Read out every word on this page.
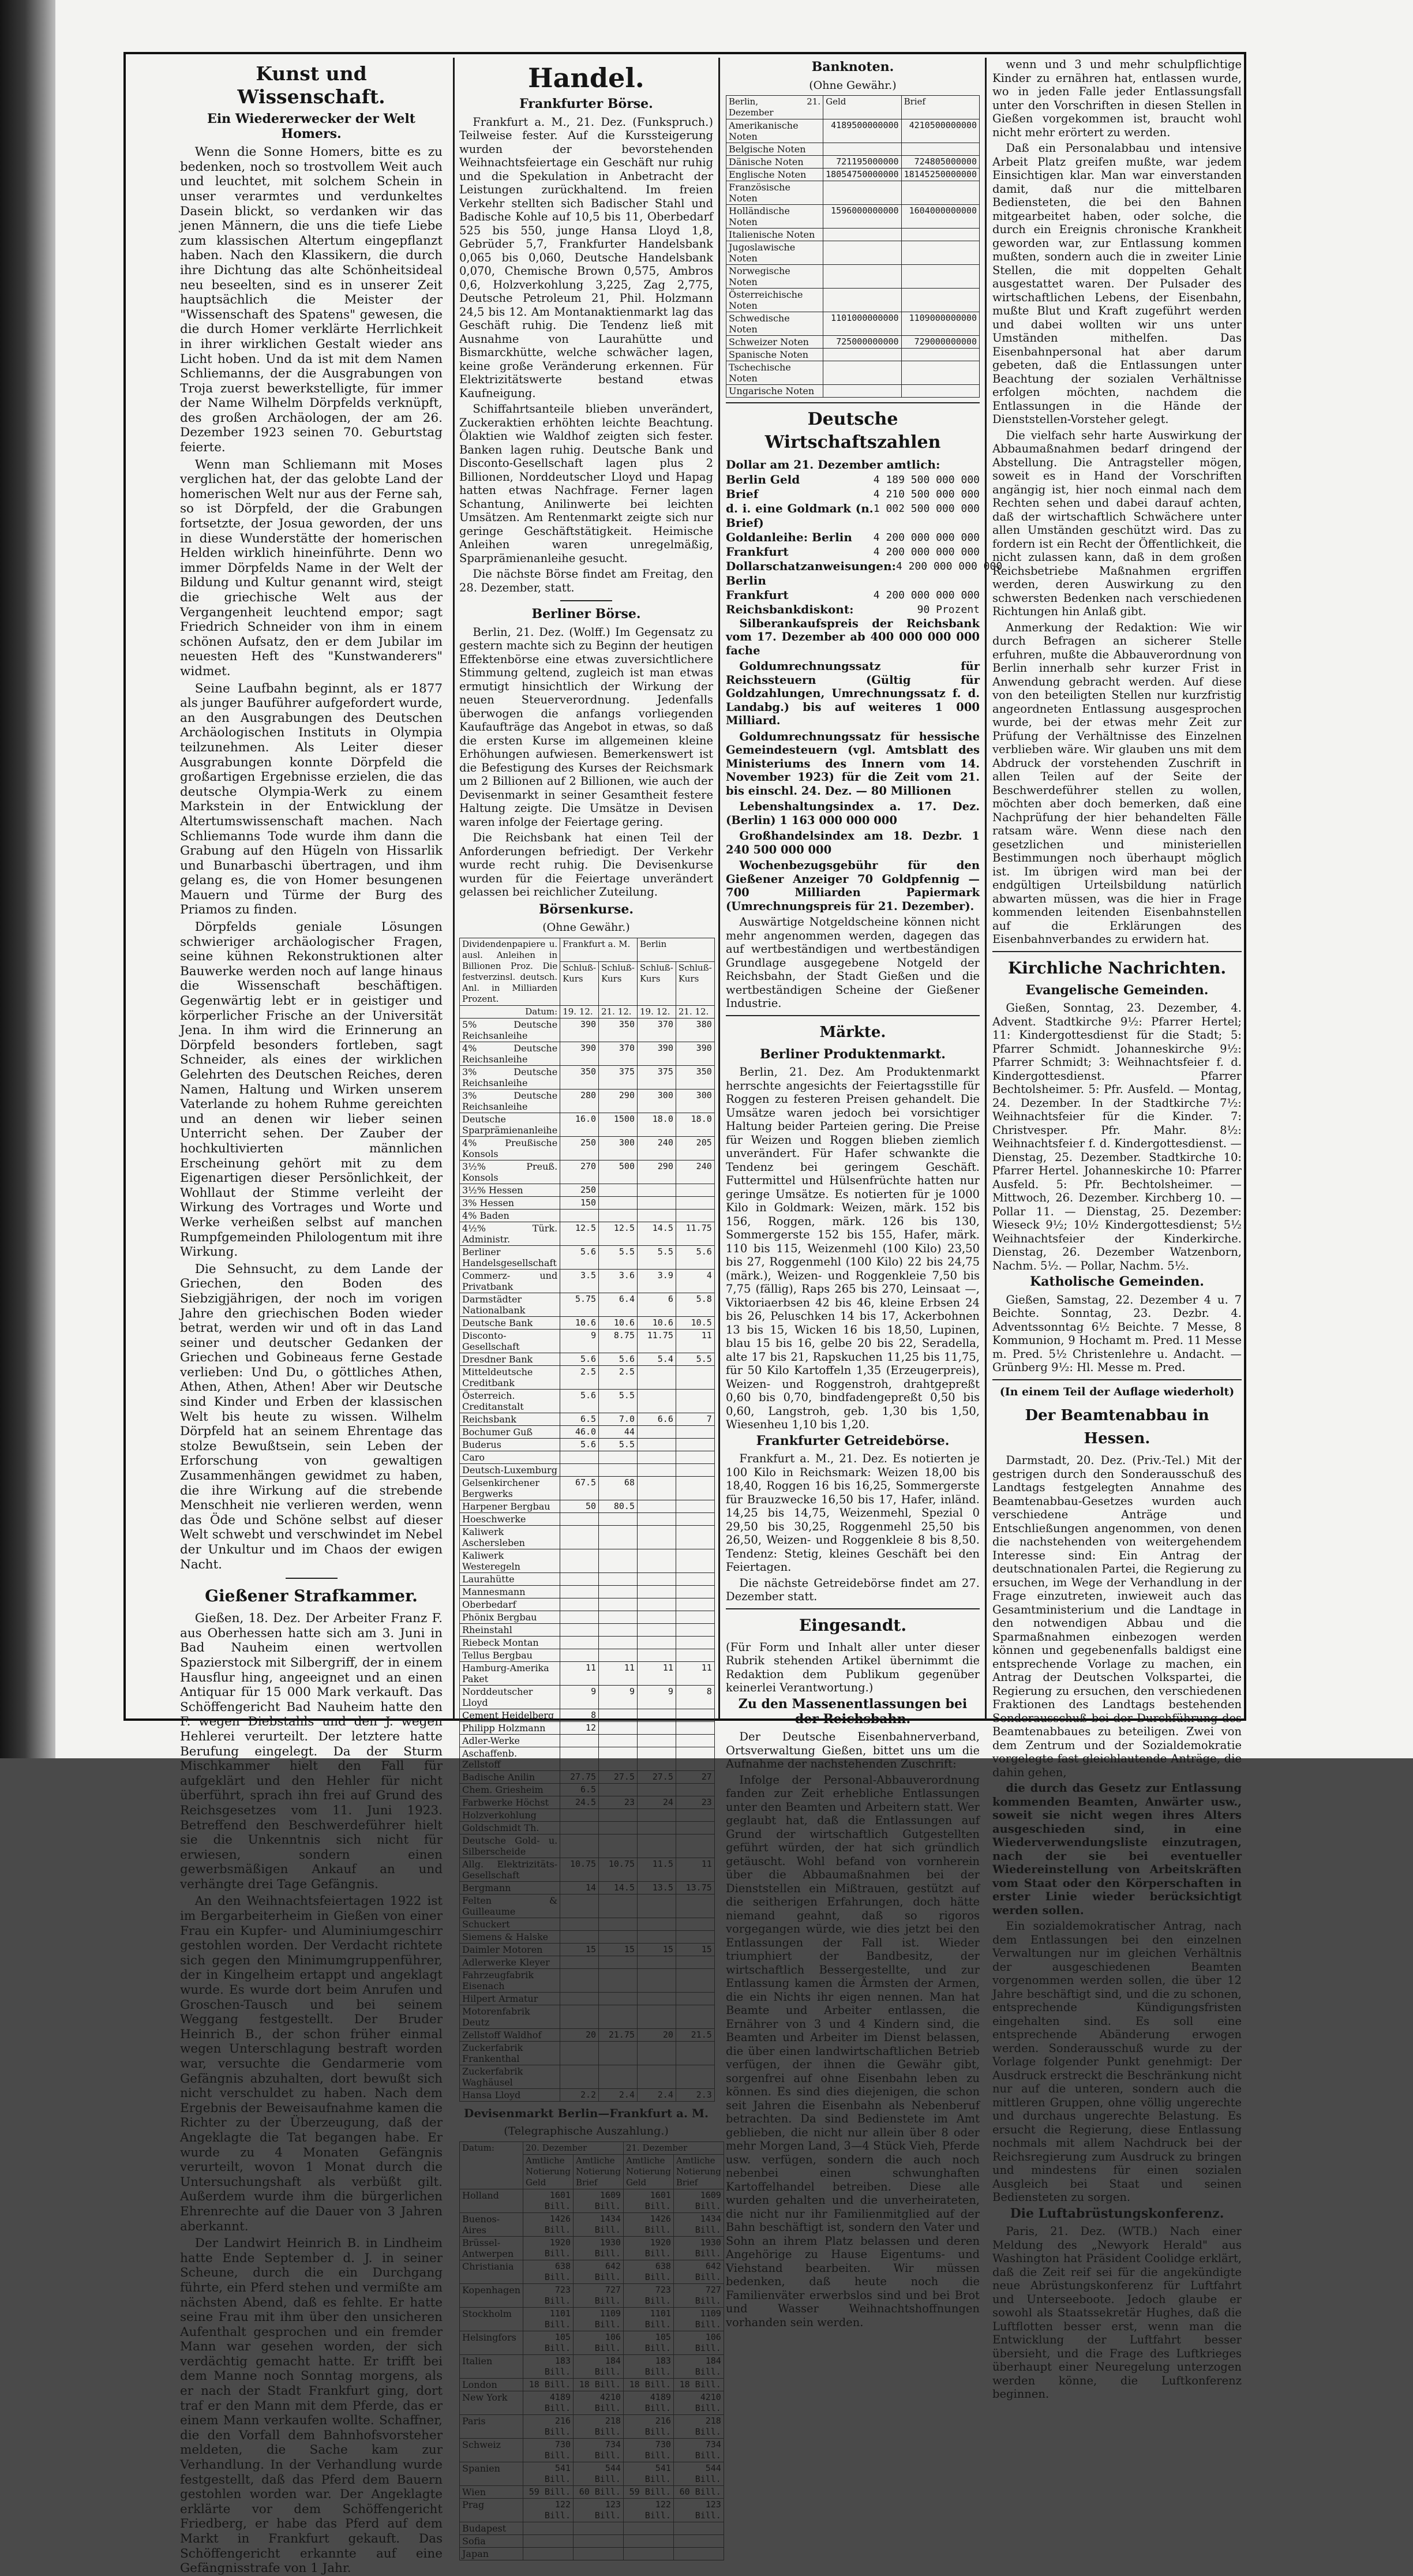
Kunst und Wissenschaft.
Ein Wiedererwecker der Welt Homers.

Wenn die Sonne Homers, bitte es zu bedenken, noch so trostvollem Weit auch und leuchtet, mit solchem Schein in unser verarmtes und verdunkeltes Dasein blickt, so verdanken wir das jenen Männern, die uns die tiefe Liebe zum klassischen Altertum eingepflanzt haben. Nach den Klassikern, die durch ihre Dichtung das alte Schönheitsideal neu beseelten, sind es in unserer Zeit hauptsächlich die Meister der "Wissenschaft des Spatens" gewesen, die die durch Homer verklärte Herrlichkeit in ihrer wirklichen Gestalt wieder ans Licht hoben. Und da ist mit dem Namen Schliemanns, der die Ausgrabungen von Troja zuerst bewerkstelligte, für immer der Name Wilhelm Dörpfelds verknüpft, des großen Archäologen, der am 26. Dezember 1923 seinen 70. Geburtstag feierte.

Wenn man Schliemann mit Moses verglichen hat, der das gelobte Land der homerischen Welt nur aus der Ferne sah, so ist Dörpfeld, der die Grabungen fortsetzte, der Josua geworden, der uns in diese Wunderstätte der homerischen Helden wirklich hineinführte. Denn wo immer Dörpfelds Name in der Welt der Bildung und Kultur genannt wird, steigt die griechische Welt aus der Vergangenheit leuchtend empor; sagt Friedrich Schneider von ihm in einem schönen Aufsatz, den er dem Jubilar im neuesten Heft des "Kunstwanderers" widmet.

Seine Laufbahn beginnt, als er 1877 als junger Bauführer aufgefordert wurde, an den Ausgrabungen des Deutschen Archäologischen Instituts in Olympia teilzunehmen. Als Leiter dieser Ausgrabungen konnte Dörpfeld die großartigen Ergebnisse erzielen, die das deutsche Olympia-Werk zu einem Markstein in der Entwicklung der Altertumswissenschaft machen. Nach Schliemanns Tode wurde ihm dann die Grabung auf den Hügeln von Hissarlik und Bunarbaschi übertragen, und ihm gelang es, die von Homer besungenen Mauern und Türme der Burg des Priamos zu finden.

Dörpfelds geniale Lösungen schwieriger archäologischer Fragen, seine kühnen Rekonstruktionen alter Bauwerke werden noch auf lange hinaus die Wissenschaft beschäftigen. Gegenwärtig lebt er in geistiger und körperlicher Frische an der Universität Jena. In ihm wird die Erinnerung an Dörpfeld besonders fortleben, sagt Schneider, als eines der wirklichen Gelehrten des Deutschen Reiches, deren Namen, Haltung und Wirken unserem Vaterlande zu hohem Ruhme gereichten und an denen wir lieber seinen Unterricht sehen. Der Zauber der hochkultivierten männlichen Erscheinung gehört mit zu dem Eigenartigen dieser Persönlichkeit, der Wohllaut der Stimme verleiht der Wirkung des Vortrages und Worte und Werke verheißen selbst auf manchen Rumpfgemeinden Philologentum mit ihre Wirkung.

Die Sehnsucht, zu dem Lande der Griechen, den Boden des Siebzigjährigen, der noch im vorigen Jahre den griechischen Boden wieder betrat, werden wir und oft in das Land seiner und deutscher Gedanken der Griechen und Gobineaus ferne Gestade verlieben: Und Du, o göttliches Athen, Athen, Athen, Athen! Aber wir Deutsche sind Kinder und Erben der klassischen Welt bis heute zu wissen. Wilhelm Dörpfeld hat an seinem Ehrentage das stolze Bewußtsein, sein Leben der Erforschung von gewaltigen Zusammenhängen gewidmet zu haben, die ihre Wirkung auf die strebende Menschheit nie verlieren werden, wenn das Öde und Schöne selbst auf dieser Welt schwebt und verschwindet im Nebel der Unkultur und im Chaos der ewigen Nacht.

Gießener Strafkammer.

Gießen, 18. Dez. Der Arbeiter Franz F. aus Oberhessen hatte sich am 3. Juni in Bad Nauheim einen wertvollen Spazierstock mit Silbergriff, der in einem Hausflur hing, angeeignet und an einen Antiquar für 15 000 Mark verkauft. Das Schöffengericht Bad Nauheim hatte den F. wegen Diebstahls und den J. wegen Hehlerei verurteilt. Der letztere hatte Berufung eingelegt. Da der Sturm Mischkammer hielt den Fall für aufgeklärt und den Hehler für nicht überführt, sprach ihn frei auf Grund des Reichsgesetzes vom 11. Juni 1923. Betreffend den Beschwerdeführer hielt sie die Unkenntnis sich nicht für erwiesen, sondern einen gewerbsmäßigen Ankauf an und verhängte drei Tage Gefängnis.

An den Weihnachtsfeiertagen 1922 ist im Bergarbeiterheim in Gießen von einer Frau ein Kupfer- und Aluminiumgeschirr gestohlen worden. Der Verdacht richtete sich gegen den Minimumgruppenführer, der in Kingelheim ertappt und angeklagt wurde. Es wurde dort beim Anrufen und Groschen-Tausch und bei seinem Weggang festgestellt. Der Bruder Heinrich B., der schon früher einmal wegen Unterschlagung bestraft worden war, versuchte die Gendarmerie vom Gefängnis abzuhalten, dort bewußt sich nicht verschuldet zu haben. Nach dem Ergebnis der Beweisaufnahme kamen die Richter zu der Überzeugung, daß der Angeklagte die Tat begangen habe. Er wurde zu 4 Monaten Gefängnis verurteilt, wovon 1 Monat durch die Untersuchungshaft als verbüßt gilt. Außerdem wurde ihm die bürgerlichen Ehrenrechte auf die Dauer von 3 Jahren aberkannt.

Der Landwirt Heinrich B. in Lindheim hatte Ende September d. J. in seiner Scheune, durch die ein Durchgang führte, ein Pferd stehen und vermißte am nächsten Abend, daß es fehlte. Er hatte seine Frau mit ihm über den unsicheren Aufenthalt gesprochen und ein fremder Mann war gesehen worden, der sich verdächtig gemacht hatte. Er trifft bei dem Manne noch Sonntag morgens, als er nach der Stadt Frankfurt ging, dort traf er den Mann mit dem Pferde, das er einem Mann verkaufen wollte. Schaffner, die den Vorfall dem Bahnhofsvorsteher meldeten, die Sache kam zur Verhandlung. In der Verhandlung wurde festgestellt, daß das Pferd dem Bauern gestohlen worden war. Der Angeklagte erklärte vor dem Schöffengericht Friedberg, er habe das Pferd auf dem Markt in Frankfurt gekauft. Das Schöffengericht erkannte auf eine Gefängnisstrafe von 1 Jahr.

Handel.
Frankfurter Börse.

Frankfurt a. M., 21. Dez. (Funkspruch.) Teilweise fester. Auf die Kurssteigerung wurden der bevorstehenden Weihnachtsfeiertage ein Geschäft nur ruhig und die Spekulation in Anbetracht der Leistungen zurückhaltend. Im freien Verkehr stellten sich Badischer Stahl und Badische Kohle auf 10,5 bis 11, Oberbedarf 525 bis 550, junge Hansa Lloyd 1,8, Gebrüder 5,7, Frankfurter Handelsbank 0,065 bis 0,060, Deutsche Handelsbank 0,070, Chemische Brown 0,575, Ambros 0,6, Holzverkohlung 3,225, Zag 2,775, Deutsche Petroleum 21, Phil. Holzmann 24,5 bis 12. Am Montanaktienmarkt lag das Geschäft ruhig. Die Tendenz ließ mit Ausnahme von Laurahütte und Bismarckhütte, welche schwächer lagen, keine große Veränderung erkennen. Für Elektrizitätswerte bestand etwas Kaufneigung.

Schiffahrtsanteile blieben unverändert, Zuckeraktien erhöhten leichte Beachtung. Ölaktien wie Waldhof zeigten sich fester. Banken lagen ruhig. Deutsche Bank und Disconto-Gesellschaft lagen plus 2 Billionen, Norddeutscher Lloyd und Hapag hatten etwas Nachfrage. Ferner lagen Schantung, Anilinwerte bei leichten Umsätzen. Am Rentenmarkt zeigte sich nur geringe Geschäftstätigkeit. Heimische Anleihen waren unregelmäßig, Sparprämienanleihe gesucht.

Die nächste Börse findet am Freitag, den 28. Dezember, statt.

Berliner Börse.

Berlin, 21. Dez. (Wolff.) Im Gegensatz zu gestern machte sich zu Beginn der heutigen Effektenbörse eine etwas zuversichtlichere Stimmung geltend, zugleich ist man etwas ermutigt hinsichtlich der Wirkung der neuen Steuerverordnung. Jedenfalls überwogen die anfangs vorliegenden Kaufaufträge das Angebot in etwas, so daß die ersten Kurse im allgemeinen kleine Erhöhungen aufwiesen. Bemerkenswert ist die Befestigung des Kurses der Reichsmark um 2 Billionen auf 2 Billionen, wie auch der Devisenmarkt in seiner Gesamtheit festere Haltung zeigte. Die Umsätze in Devisen waren infolge der Feiertage gering.

Die Reichsbank hat einen Teil der Anforderungen befriedigt. Der Verkehr wurde recht ruhig. Die Devisenkurse wurden für die Feiertage unverändert gelassen bei reichlicher Zuteilung.

Börsenkurse.
(Ohne Gewähr.)
Dividendenpapiere u. ausl. Anleihen in Billionen Proz. Die festverzinsl. deutsch. Anl. in Milliarden Prozent.	Frankfurt a. M.		Berlin	
	Schluß-Kurs	Schluß-Kurs	Schluß-Kurs	Schluß-Kurs
Datum:	19. 12.	21. 12.	19. 12.	21. 12.
5% Deutsche Reichsanleihe	390	350	370	380
4% Deutsche Reichsanleihe	390	370	390	390
3% Deutsche Reichsanleihe	350	375	375	350
3% Deutsche Reichsanleihe	280	290	300	300
Deutsche Sparprämienanleihe	16.0	1500	18.0	18.0
4% Preußische Konsols	250	300	240	205
3½% Preuß. Konsols	270	500	290	240
3½% Hessen	250			
3% Hessen	150			
4% Baden				
4½% Türk. Administr.	12.5	12.5	14.5	11.75
Berliner Handelsgesellschaft	5.6	5.5	5.5	5.6
Commerz- und Privatbank	3.5	3.6	3.9	4
Darmstädter Nationalbank	5.75	6.4	6	5.8
Deutsche Bank	10.6	10.6	10.6	10.5
Disconto-Gesellschaft	9	8.75	11.75	11
Dresdner Bank	5.6	5.6	5.4	5.5
Mitteldeutsche Creditbank	2.5	2.5		
Österreich. Creditanstalt	5.6	5.5		
Reichsbank	6.5	7.0	6.6	7
Bochumer Guß	46.0	44		
Buderus	5.6	5.5		
Caro				
Deutsch-Luxemburg				
Gelsenkirchener Bergwerks	67.5	68		
Harpener Bergbau	50	80.5		
Hoeschwerke				
Kaliwerk Aschersleben				
Kaliwerk Westeregeln				
Laurahütte				
Mannesmann				
Oberbedarf				
Phönix Bergbau				
Rheinstahl				
Riebeck Montan				
Tellus Bergbau				
Hamburg-Amerika Paket	11	11	11	11
Norddeutscher Lloyd	9	9	9	8
Cement Heidelberg	8			
Philipp Holzmann	12			
Adler-Werke				
Aschaffenb. Zellstoff				
Badische Anilin	27.75	27.5	27.5	27
Chem. Griesheim	6.5			
Farbwerke Höchst	24.5	23	24	23
Holzverkohlung				
Goldschmidt Th.				
Deutsche Gold- u. Silberscheide				
Allg. Elektrizitäts-Gesellschaft	10.75	10.75	11.5	11
Bergmann	14	14.5	13.5	13.75
Felten & Guilleaume				
Schuckert				
Siemens & Halske				
Daimler Motoren	15	15	15	15
Adlerwerke Kleyer				
Fahrzeugfabrik Eisenach				
Hilpert Armatur				
Motorenfabrik Deutz				
Zellstoff Waldhof	20	21.75	20	21.5
Zuckerfabrik Frankenthal				
Zuckerfabrik Waghäusel				
Hansa Lloyd	2.2	2.4	2.4	2.3
Devisenmarkt Berlin—Frankfurt a. M.
(Telegraphische Auszahlung.)
Datum:	20. Dezember		21. Dezember	
	Amtliche Notierung Geld	Amtliche Notierung Brief	Amtliche Notierung Geld	Amtliche Notierung Brief
Holland	1601 Bill.	1609 Bill.	1601 Bill.	1609 Bill.
Buenos-Aires	1426 Bill.	1434 Bill.	1426 Bill.	1434 Bill.
Brüssel-Antwerpen	1920 Bill.	1930 Bill.	1920 Bill.	1930 Bill.
Christiania	638 Bill.	642 Bill.	638 Bill.	642 Bill.
Kopenhagen	723 Bill.	727 Bill.	723 Bill.	727 Bill.
Stockholm	1101 Bill.	1109 Bill.	1101 Bill.	1109 Bill.
Helsingfors	105 Bill.	106 Bill.	105 Bill.	106 Bill.
Italien	183 Bill.	184 Bill.	183 Bill.	184 Bill.
London	18 Bill.	18 Bill.	18 Bill.	18 Bill.
New York	4189 Bill.	4210 Bill.	4189 Bill.	4210 Bill.
Paris	216 Bill.	218 Bill.	216 Bill.	218 Bill.
Schweiz	730 Bill.	734 Bill.	730 Bill.	734 Bill.
Spanien	541 Bill.	544 Bill.	541 Bill.	544 Bill.
Wien	59 Bill.	60 Bill.	59 Bill.	60 Bill.
Prag	122 Bill.	123 Bill.	122 Bill.	123 Bill.
Budapest				
Sofia				
Japan				
Banknoten.
(Ohne Gewähr.)
Berlin, 21. Dezember	Geld	Brief
Amerikanische Noten	4189500000000	4210500000000
Belgische Noten		
Dänische Noten	721195000000	724805000000
Englische Noten	18054750000000	18145250000000
Französische Noten		
Holländische Noten	1596000000000	1604000000000
Italienische Noten		
Jugoslawische Noten		
Norwegische Noten		
Österreichische Noten		
Schwedische Noten	1101000000000	1109000000000
Schweizer Noten	725000000000	729000000000
Spanische Noten		
Tschechische Noten		
Ungarische Noten		
Deutsche Wirtschaftszahlen
Dollar am 21. Dezember amtlich:
Berlin Geld	4 189 500 000 000
Brief	4 210 500 000 000
d. i. eine Goldmark (n. Brief)
1 002 500 000 000
Goldanleihe: Berlin 4 200 000 000 000
Frankfurt	4 200 000 000 000
Dollarschatzanweisungen: Berlin
4 200 000 000 000
Frankfurt	4 200 000 000 000
Reichsbankdiskont:	90 Prozent

Silberankaufspreis der Reichsbank vom 17. Dezember ab 400 000 000 000 fache

Goldumrechnungssatz für Reichssteuern (Gültig für Goldzahlungen, Umrechnungssatz f. d. Landabg.) bis auf weiteres 1 000 Milliard.

Goldumrechnungssatz für hessische Gemeindesteuern (vgl. Amtsblatt des Ministeriums des Innern vom 14. November 1923) für die Zeit vom 21. bis einschl. 24. Dez. — 80 Millionen

Lebenshaltungsindex a. 17. Dez. (Berlin) 1 163 000 000 000

Großhandelsindex am 18. Dezbr. 1 240 500 000 000

Wochenbezugsgebühr für den Gießener Anzeiger 70 Goldpfennig — 700 Milliarden Papiermark (Umrechnungspreis für 21. Dezember).

Auswärtige Notgeldscheine können nicht mehr angenommen werden, dagegen das auf wertbeständigen und wertbeständigen Grundlage ausgegebene Notgeld der Reichsbahn, der Stadt Gießen und die wertbeständigen Scheine der Gießener Industrie.

Märkte.
Berliner Produktenmarkt.

Berlin, 21. Dez. Am Produktenmarkt herrschte angesichts der Feiertagsstille für Roggen zu festeren Preisen gehandelt. Die Umsätze waren jedoch bei vorsichtiger Haltung beider Parteien gering. Die Preise für Weizen und Roggen blieben ziemlich unverändert. Für Hafer schwankte die Tendenz bei geringem Geschäft. Futtermittel und Hülsenfrüchte hatten nur geringe Umsätze. Es notierten für je 1000 Kilo in Goldmark: Weizen, märk. 152 bis 156, Roggen, märk. 126 bis 130, Sommergerste 152 bis 155, Hafer, märk. 110 bis 115, Weizenmehl (100 Kilo) 23,50 bis 27, Roggenmehl (100 Kilo) 22 bis 24,75 (märk.), Weizen- und Roggenkleie 7,50 bis 7,75 (fällig), Raps 265 bis 270, Leinsaat —, Viktoriaerbsen 42 bis 46, kleine Erbsen 24 bis 26, Peluschken 14 bis 17, Ackerbohnen 13 bis 15, Wicken 16 bis 18,50, Lupinen, blau 15 bis 16, gelbe 20 bis 22, Seradella, alte 17 bis 21, Rapskuchen 11,25 bis 11,75, für 50 Kilo Kartoffeln 1,35 (Erzeugerpreis), Weizen- und Roggenstroh, drahtgepreßt 0,60 bis 0,70, bindfadengepreßt 0,50 bis 0,60, Langstroh, geb. 1,30 bis 1,50, Wiesenheu 1,10 bis 1,20.

Frankfurter Getreidebörse.

Frankfurt a. M., 21. Dez. Es notierten je 100 Kilo in Reichsmark: Weizen 18,00 bis 18,40, Roggen 16 bis 16,25, Sommergerste für Brauzwecke 16,50 bis 17, Hafer, inländ. 14,25 bis 14,75, Weizenmehl, Spezial 0 29,50 bis 30,25, Roggenmehl 25,50 bis 26,50, Weizen- und Roggenkleie 8 bis 8,50. Tendenz: Stetig, kleines Geschäft bei den Feiertagen.

Die nächste Getreidebörse findet am 27. Dezember statt.

Eingesandt.

(Für Form und Inhalt aller unter dieser Rubrik stehenden Artikel übernimmt die Redaktion dem Publikum gegenüber keinerlei Verantwortung.)

Zu den Massenentlassungen bei der Reichsbahn.

Der Deutsche Eisenbahnerverband, Ortsverwaltung Gießen, bittet uns um die Aufnahme der nachstehenden Zuschrift:

Infolge der Personal-Abbauverordnung fanden zur Zeit erhebliche Entlassungen unter den Beamten und Arbeitern statt. Wer geglaubt hat, daß die Entlassungen auf Grund der wirtschaftlich Gutgestellten geführt würden, der hat sich gründlich getäuscht. Wohl befand von vornherein über die Abbaumaßnahmen bei der Dienststellen ein Mißtrauen, gestützt auf die seitherigen Erfahrungen, doch hätte niemand geahnt, daß so rigoros vorgegangen würde, wie dies jetzt bei den Entlassungen der Fall ist. Wieder triumphiert der Bandbesitz, der wirtschaftlich Bessergestellte, und zur Entlassung kamen die Ärmsten der Armen, die ein Nichts ihr eigen nennen. Man hat Beamte und Arbeiter entlassen, die Ernährer von 3 und 4 Kindern sind, die Beamten und Arbeiter im Dienst belassen, die über einen landwirtschaftlichen Betrieb verfügen, der ihnen die Gewähr gibt, sorgenfrei auf ohne Eisenbahn leben zu können. Es sind dies diejenigen, die schon seit Jahren die Eisenbahn als Nebenberuf betrachten. Da sind Bedienstete im Amt geblieben, die nicht nur allein über 8 oder mehr Morgen Land, 3—4 Stück Vieh, Pferde usw. verfügen, sondern die auch noch nebenbei einen schwunghaften Kartoffelhandel betreiben. Diese alle wurden gehalten und die unverheirateten, die nicht nur ihr Familienmitglied auf der Bahn beschäftigt ist, sondern den Vater und Sohn an ihrem Platz belassen und deren Angehörige zu Hause Eigentums- und Viehstand bearbeiten. Wir müssen bedenken, daß heute noch die Familienväter erwerbslos sind und bei Brot und Wasser Weihnachtshoffnungen vorhanden sein werden.

wenn und 3 und mehr schulpflichtige Kinder zu ernähren hat, entlassen wurde, wo in jeden Falle jeder Entlassungsfall unter den Vorschriften in diesen Stellen in Gießen vorgekommen ist, braucht wohl nicht mehr erörtert zu werden.

Daß ein Personalabbau und intensive Arbeit Platz greifen mußte, war jedem Einsichtigen klar. Man war einverstanden damit, daß nur die mittelbaren Bediensteten, die bei den Bahnen mitgearbeitet haben, oder solche, die durch ein Ereignis chronische Krankheit geworden war, zur Entlassung kommen mußten, sondern auch die in zweiter Linie Stellen, die mit doppelten Gehalt ausgestattet waren. Der Pulsader des wirtschaftlichen Lebens, der Eisenbahn, mußte Blut und Kraft zugeführt werden und dabei wollten wir uns unter Umständen mithelfen. Das Eisenbahnpersonal hat aber darum gebeten, daß die Entlassungen unter Beachtung der sozialen Verhältnisse erfolgen möchten, nachdem die Entlassungen in die Hände der Dienststellen-Vorsteher gelegt.

Die vielfach sehr harte Auswirkung der Abbaumaßnahmen bedarf dringend der Abstellung. Die Antragsteller mögen, soweit es in Hand der Vorschriften angängig ist, hier noch einmal nach dem Rechten sehen und dabei darauf achten, daß der wirtschaftlich Schwächere unter allen Umständen geschützt wird. Das zu fordern ist ein Recht der Öffentlichkeit, die nicht zulassen kann, daß in dem großen Reichsbetriebe Maßnahmen ergriffen werden, deren Auswirkung zu den schwersten Bedenken nach verschiedenen Richtungen hin Anlaß gibt.

Anmerkung der Redaktion: Wie wir durch Befragen an sicherer Stelle erfuhren, mußte die Abbauverordnung von Berlin innerhalb sehr kurzer Frist in Anwendung gebracht werden. Auf diese von den beteiligten Stellen nur kurzfristig angeordneten Entlassung ausgesprochen wurde, bei der etwas mehr Zeit zur Prüfung der Verhältnisse des Einzelnen verblieben wäre. Wir glauben uns mit dem Abdruck der vorstehenden Zuschrift in allen Teilen auf der Seite der Beschwerdeführer stellen zu wollen, möchten aber doch bemerken, daß eine Nachprüfung der hier behandelten Fälle ratsam wäre. Wenn diese nach den gesetzlichen und ministeriellen Bestimmungen noch überhaupt möglich ist. Im übrigen wird man bei der endgültigen Urteilsbildung natürlich abwarten müssen, was die hier in Frage kommenden leitenden Eisenbahnstellen auf die Erklärungen des Eisenbahnverbandes zu erwidern hat.

Kirchliche Nachrichten.
Evangelische Gemeinden.

Gießen, Sonntag, 23. Dezember, 4. Advent. Stadtkirche 9½: Pfarrer Hertel; 11: Kindergottesdienst für die Stadt; 5: Pfarrer Schmidt. Johanneskirche 9½: Pfarrer Schmidt; 3: Weihnachtsfeier f. d. Kindergottesdienst. Pfarrer Bechtolsheimer. 5: Pfr. Ausfeld. — Montag, 24. Dezember. In der Stadtkirche 7½: Weihnachtsfeier für die Kinder. 7: Christvesper. Pfr. Mahr. 8½: Weihnachtsfeier f. d. Kindergottesdienst. — Dienstag, 25. Dezember. Stadtkirche 10: Pfarrer Hertel. Johanneskirche 10: Pfarrer Ausfeld. 5: Pfr. Bechtolsheimer. — Mittwoch, 26. Dezember. Kirchberg 10. — Pollar 11. — Dienstag, 25. Dezember: Wieseck 9½; 10½ Kindergottesdienst; 5½ Weihnachtsfeier der Kinderkirche. Dienstag, 26. Dezember Watzenborn, Nachm. 5½. — Pollar, Nachm. 5½.

Katholische Gemeinden.

Gießen, Samstag, 22. Dezember 4 u. 7 Beichte. Sonntag, 23. Dezbr. 4. Adventssonntag 6½ Beichte. 7 Messe, 8 Kommunion, 9 Hochamt m. Pred. 11 Messe m. Pred. 5½ Christenlehre u. Andacht. — Grünberg 9½: Hl. Messe m. Pred.

(In einem Teil der Auflage wiederholt)
Der Beamtenabbau in Hessen.

Darmstadt, 20. Dez. (Priv.-Tel.) Mit der gestrigen durch den Sonderausschuß des Landtags festgelegten Annahme des Beamtenabbau-Gesetzes wurden auch verschiedene Anträge und Entschließungen angenommen, von denen die nachstehenden von weitergehendem Interesse sind: Ein Antrag der deutschnationalen Partei, die Regierung zu ersuchen, im Wege der Verhandlung in der Frage einzutreten, inwieweit auch das Gesamtministerium und die Landtage in den notwendigen Abbau und die Sparmaßnahmen einbezogen werden können und gegebenenfalls baldigst eine entsprechende Vorlage zu machen, ein Antrag der Deutschen Volkspartei, die Regierung zu ersuchen, den verschiedenen Fraktionen des Landtags bestehenden Sonderausschuß bei der Durchführung des Beamtenabbaues zu beteiligen. Zwei von dem Zentrum und der Sozialdemokratie vorgelegte fast gleichlautende Anträge, die dahin gehen,

die durch das Gesetz zur Entlassung kommenden Beamten, Anwärter usw., soweit sie nicht wegen ihres Alters ausgeschieden sind, in eine Wiederverwendungsliste einzutragen, nach der sie bei eventueller Wiedereinstellung von Arbeitskräften vom Staat oder den Körperschaften in erster Linie wieder berücksichtigt werden sollen.

Ein sozialdemokratischer Antrag, nach dem Entlassungen bei den einzelnen Verwaltungen nur im gleichen Verhältnis der ausgeschiedenen Beamten vorgenommen werden sollen, die über 12 Jahre beschäftigt sind, und die zu schonen, entsprechende Kündigungsfristen eingehalten sind. Es soll eine entsprechende Abänderung erwogen werden. Sonderausschuß wurde zu der Vorlage folgender Punkt genehmigt: Der Ausdruck erstreckt die Beschränkung nicht nur auf die unteren, sondern auch die mittleren Gruppen, ohne völlig ungerechte und durchaus ungerechte Belastung. Es ersucht die Regierung, diese Entlassung nochmals mit allem Nachdruck bei der Reichsregierung zum Ausdruck zu bringen und mindestens für einen sozialen Ausgleich bei Staat und seinen Bediensteten zu sorgen.

Die Luftabrüstungskonferenz.

Paris, 21. Dez. (WTB.) Nach einer Meldung des „Newyork Herald" aus Washington hat Präsident Coolidge erklärt, daß die Zeit reif sei für die angekündigte neue Abrüstungskonferenz für Luftfahrt und Unterseeboote. Jedoch glaube er sowohl als Staatssekretär Hughes, daß die Luftflotten besser erst, wenn man die Entwicklung der Luftfahrt besser übersieht, und die Frage des Luftkrieges überhaupt einer Neuregelung unterzogen werden könne, die Luftkonferenz beginnen.
